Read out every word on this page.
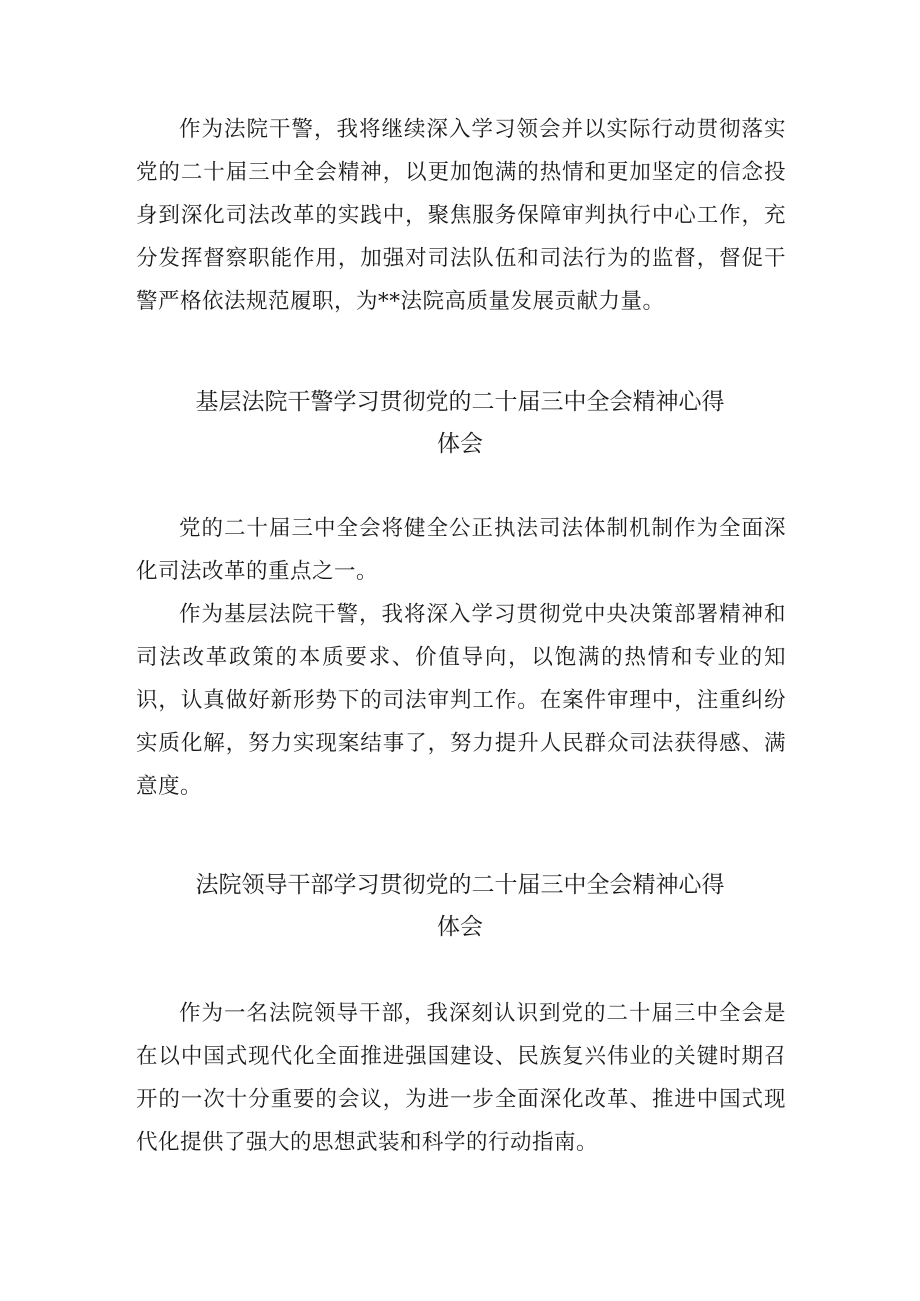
作为法院干警，我将继续深入学习领会并以实际行动贯彻落实党的二十届三中全会精神，以更加饱满的热情和更加坚定的信念投身到深化司法改革的实践中，聚焦服务保障审判执行中心工作，充分发挥督察职能作用，加强对司法队伍和司法行为的监督，督促干警严格依法规范履职，为**法院高质量发展贡献力量。

基层法院干警学习贯彻党的二十届三中全会精神心得
体会

党的二十届三中全会将健全公正执法司法体制机制作为全面深化司法改革的重点之一。

作为基层法院干警，我将深入学习贯彻党中央决策部署精神和司法改革政策的本质要求、价值导向，以饱满的热情和专业的知识，认真做好新形势下的司法审判工作。在案件审理中，注重纠纷实质化解，努力实现案结事了，努力提升人民群众司法获得感、满意度。

法院领导干部学习贯彻党的二十届三中全会精神心得
体会

作为一名法院领导干部，我深刻认识到党的二十届三中全会是在以中国式现代化全面推进强国建设、民族复兴伟业的关键时期召开的一次十分重要的会议，为进一步全面深化改革、推进中国式现代化提供了强大的思想武装和科学的行动指南。
